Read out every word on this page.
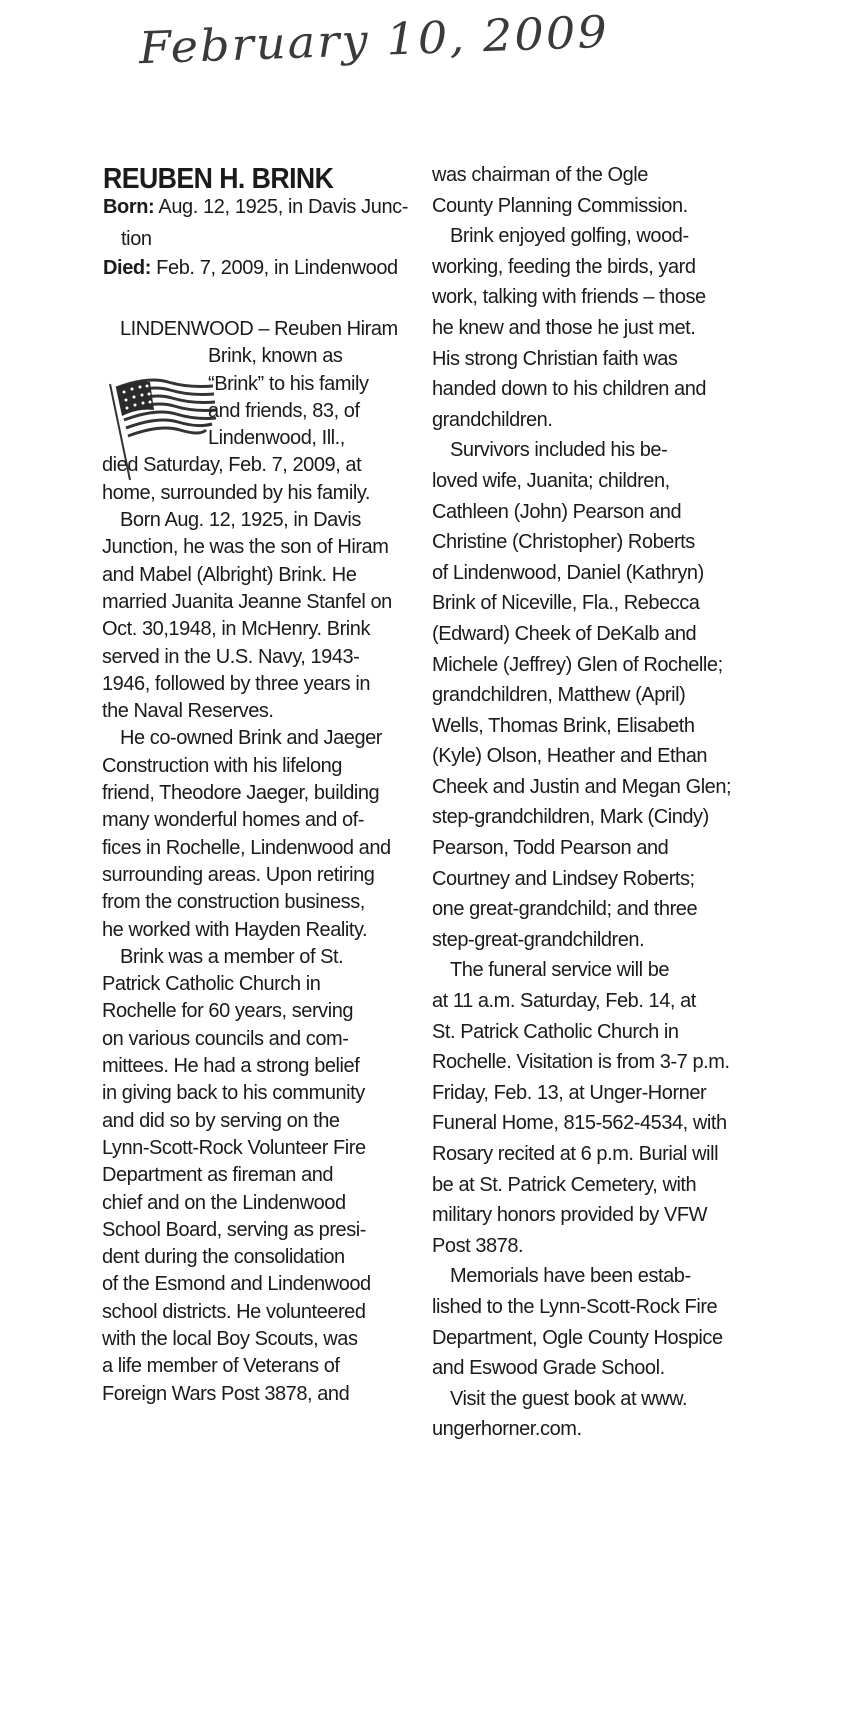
February 10, 2009
REUBEN H. BRINK
Born: Aug. 12, 1925, in Davis Junc-
tion
Died: Feb. 7, 2009, in Lindenwood
LINDENWOOD – Reuben Hiram
Brink, known as
“Brink” to his family
and friends, 83, of
Lindenwood, Ill.,
died Saturday, Feb. 7, 2009, at
home, surrounded by his family.
Born Aug. 12, 1925, in Davis
Junction, he was the son of Hiram
and Mabel (Albright) Brink. He
married Juanita Jeanne Stanfel on
Oct. 30,1948, in McHenry. Brink
served in the U.S. Navy, 1943-
1946, followed by three years in
the Naval Reserves.
He co-owned Brink and Jaeger
Construction with his lifelong
friend, Theodore Jaeger, building
many wonderful homes and of-
fices in Rochelle, Lindenwood and
surrounding areas. Upon retiring
from the construction business,
he worked with Hayden Reality.
Brink was a member of St.
Patrick Catholic Church in
Rochelle for 60 years, serving
on various councils and com-
mittees. He had a strong belief
in giving back to his community
and did so by serving on the
Lynn-Scott-Rock Volunteer Fire
Department as fireman and
chief and on the Lindenwood
School Board, serving as presi-
dent during the consolidation
of the Esmond and Lindenwood
school districts. He volunteered
with the local Boy Scouts, was
a life member of Veterans of
Foreign Wars Post 3878, and
was chairman of the Ogle
County Planning Commission.
Brink enjoyed golfing, wood-
working, feeding the birds, yard
work, talking with friends – those
he knew and those he just met.
His strong Christian faith was
handed down to his children and
grandchildren.
Survivors included his be-
loved wife, Juanita; children,
Cathleen (John) Pearson and
Christine (Christopher) Roberts
of Lindenwood, Daniel (Kathryn)
Brink of Niceville, Fla., Rebecca
(Edward) Cheek of DeKalb and
Michele (Jeffrey) Glen of Rochelle;
grandchildren, Matthew (April)
Wells, Thomas Brink, Elisabeth
(Kyle) Olson, Heather and Ethan
Cheek and Justin and Megan Glen;
step-grandchildren, Mark (Cindy)
Pearson, Todd Pearson and
Courtney and Lindsey Roberts;
one great-grandchild; and three
step-great-grandchildren.
The funeral service will be
at 11 a.m. Saturday, Feb. 14, at
St. Patrick Catholic Church in
Rochelle. Visitation is from 3-7 p.m.
Friday, Feb. 13, at Unger-Horner
Funeral Home, 815-562-4534, with
Rosary recited at 6 p.m. Burial will
be at St. Patrick Cemetery, with
military honors provided by VFW
Post 3878.
Memorials have been estab-
lished to the Lynn-Scott-Rock Fire
Department, Ogle County Hospice
and Eswood Grade School.
Visit the guest book at www.
ungerhorner.com.
